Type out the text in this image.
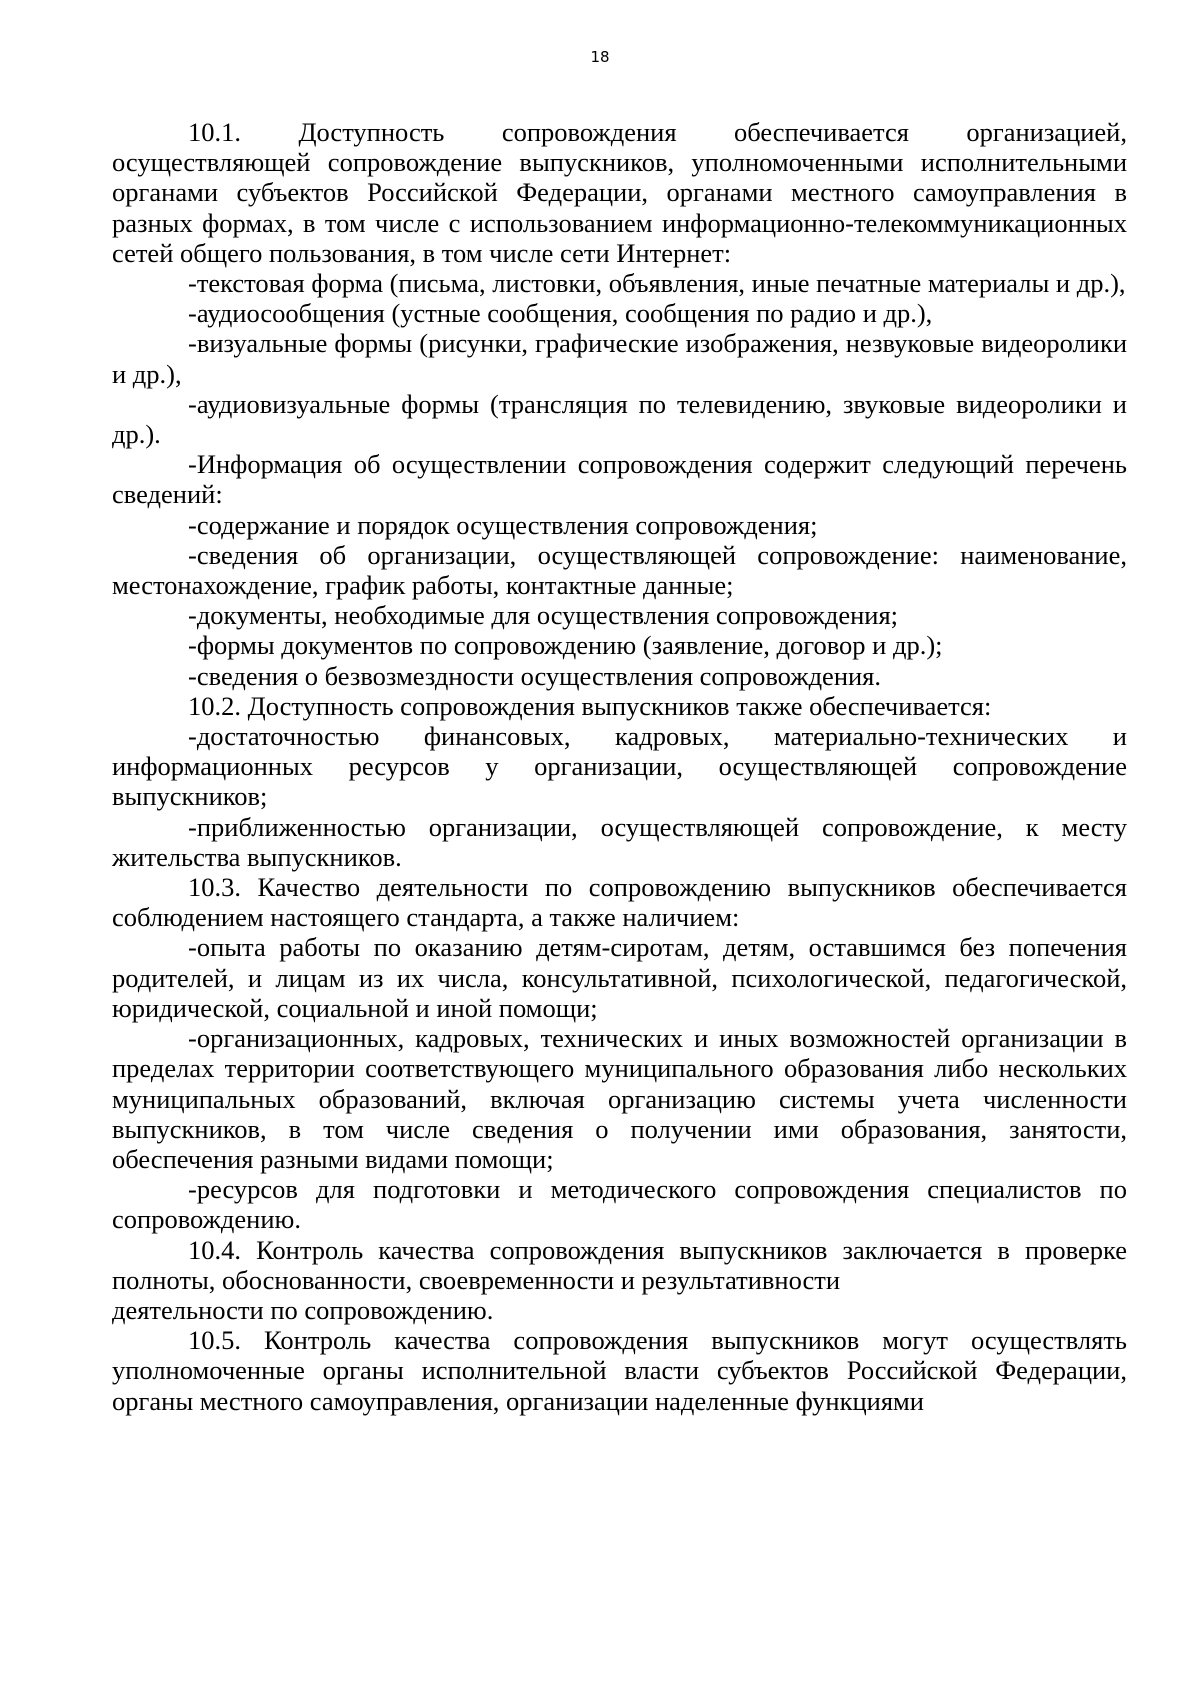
18

10.1. Доступность сопровождения обеспечивается организацией, осуществляющей сопровождение выпускников, уполномоченными исполнительными органами субъектов Российской Федерации, органами местного самоуправления в разных формах, в том числе с использованием информационно-телекоммуникационных сетей общего пользования, в том числе сети Интернет:

-текстовая форма (письма, листовки, объявления, иные печатные материалы и др.),

-аудиосообщения (устные сообщения, сообщения по радио и др.),

-визуальные формы (рисунки, графические изображения, незвуковые видеоролики и др.),

-аудиовизуальные формы (трансляция по телевидению, звуковые видеоролики и др.).

-Информация об осуществлении сопровождения содержит следующий перечень сведений:

-содержание и порядок осуществления сопровождения;

-сведения об организации, осуществляющей сопровождение: наименование, местонахождение, график работы, контактные данные;

-документы, необходимые для осуществления сопровождения;

-формы документов по сопровождению (заявление, договор и др.);

-сведения о безвозмездности осуществления сопровождения.

10.2. Доступность сопровождения выпускников также обеспечивается:

-достаточностью финансовых, кадровых, материально-технических и информационных ресурсов у организации, осуществляющей сопровождение выпускников;

-приближенностью организации, осуществляющей сопровождение, к месту жительства выпускников.

10.3. Качество деятельности по сопровождению выпускников обеспечивается соблюдением настоящего стандарта, а также наличием:

-опыта работы по оказанию детям-сиротам, детям, оставшимся без попечения родителей, и лицам из их числа, консультативной, психологической, педагогической, юридической, социальной и иной помощи;

-организационных, кадровых, технических и иных возможностей организации в пределах территории соответствующего муниципального образования либо нескольких муниципальных образований, включая организацию системы учета численности выпускников, в том числе сведения о получении ими образования, занятости, обеспечения разными видами помощи;

-ресурсов для подготовки и методического сопровождения специалистов по сопровождению.

10.4. Контроль качества сопровождения выпускников заключается в проверке полноты, обоснованности, своевременности и результативности

деятельности по сопровождению.

10.5. Контроль качества сопровождения выпускников могут осуществлять уполномоченные органы исполнительной власти субъектов Российской Федерации, органы местного самоуправления, организации наделенные функциями
